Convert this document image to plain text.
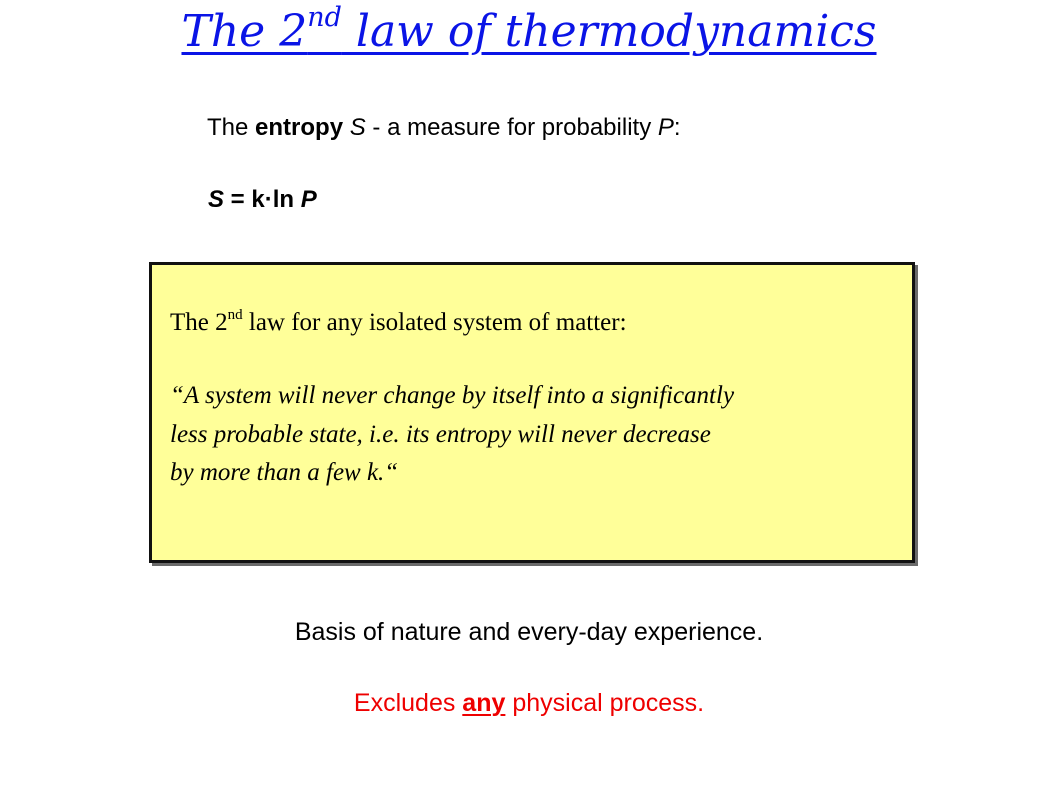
The 2nd law of thermodynamics
The entropy S - a measure for probability P:
S = k·ln P
The 2nd law for any isolated system of matter:

“A system will never change by itself into a significantly
less probable state, i.e. its entropy will never decrease
by more than a few k.“

Basis of nature and every-day experience.
Excludes any physical process.
